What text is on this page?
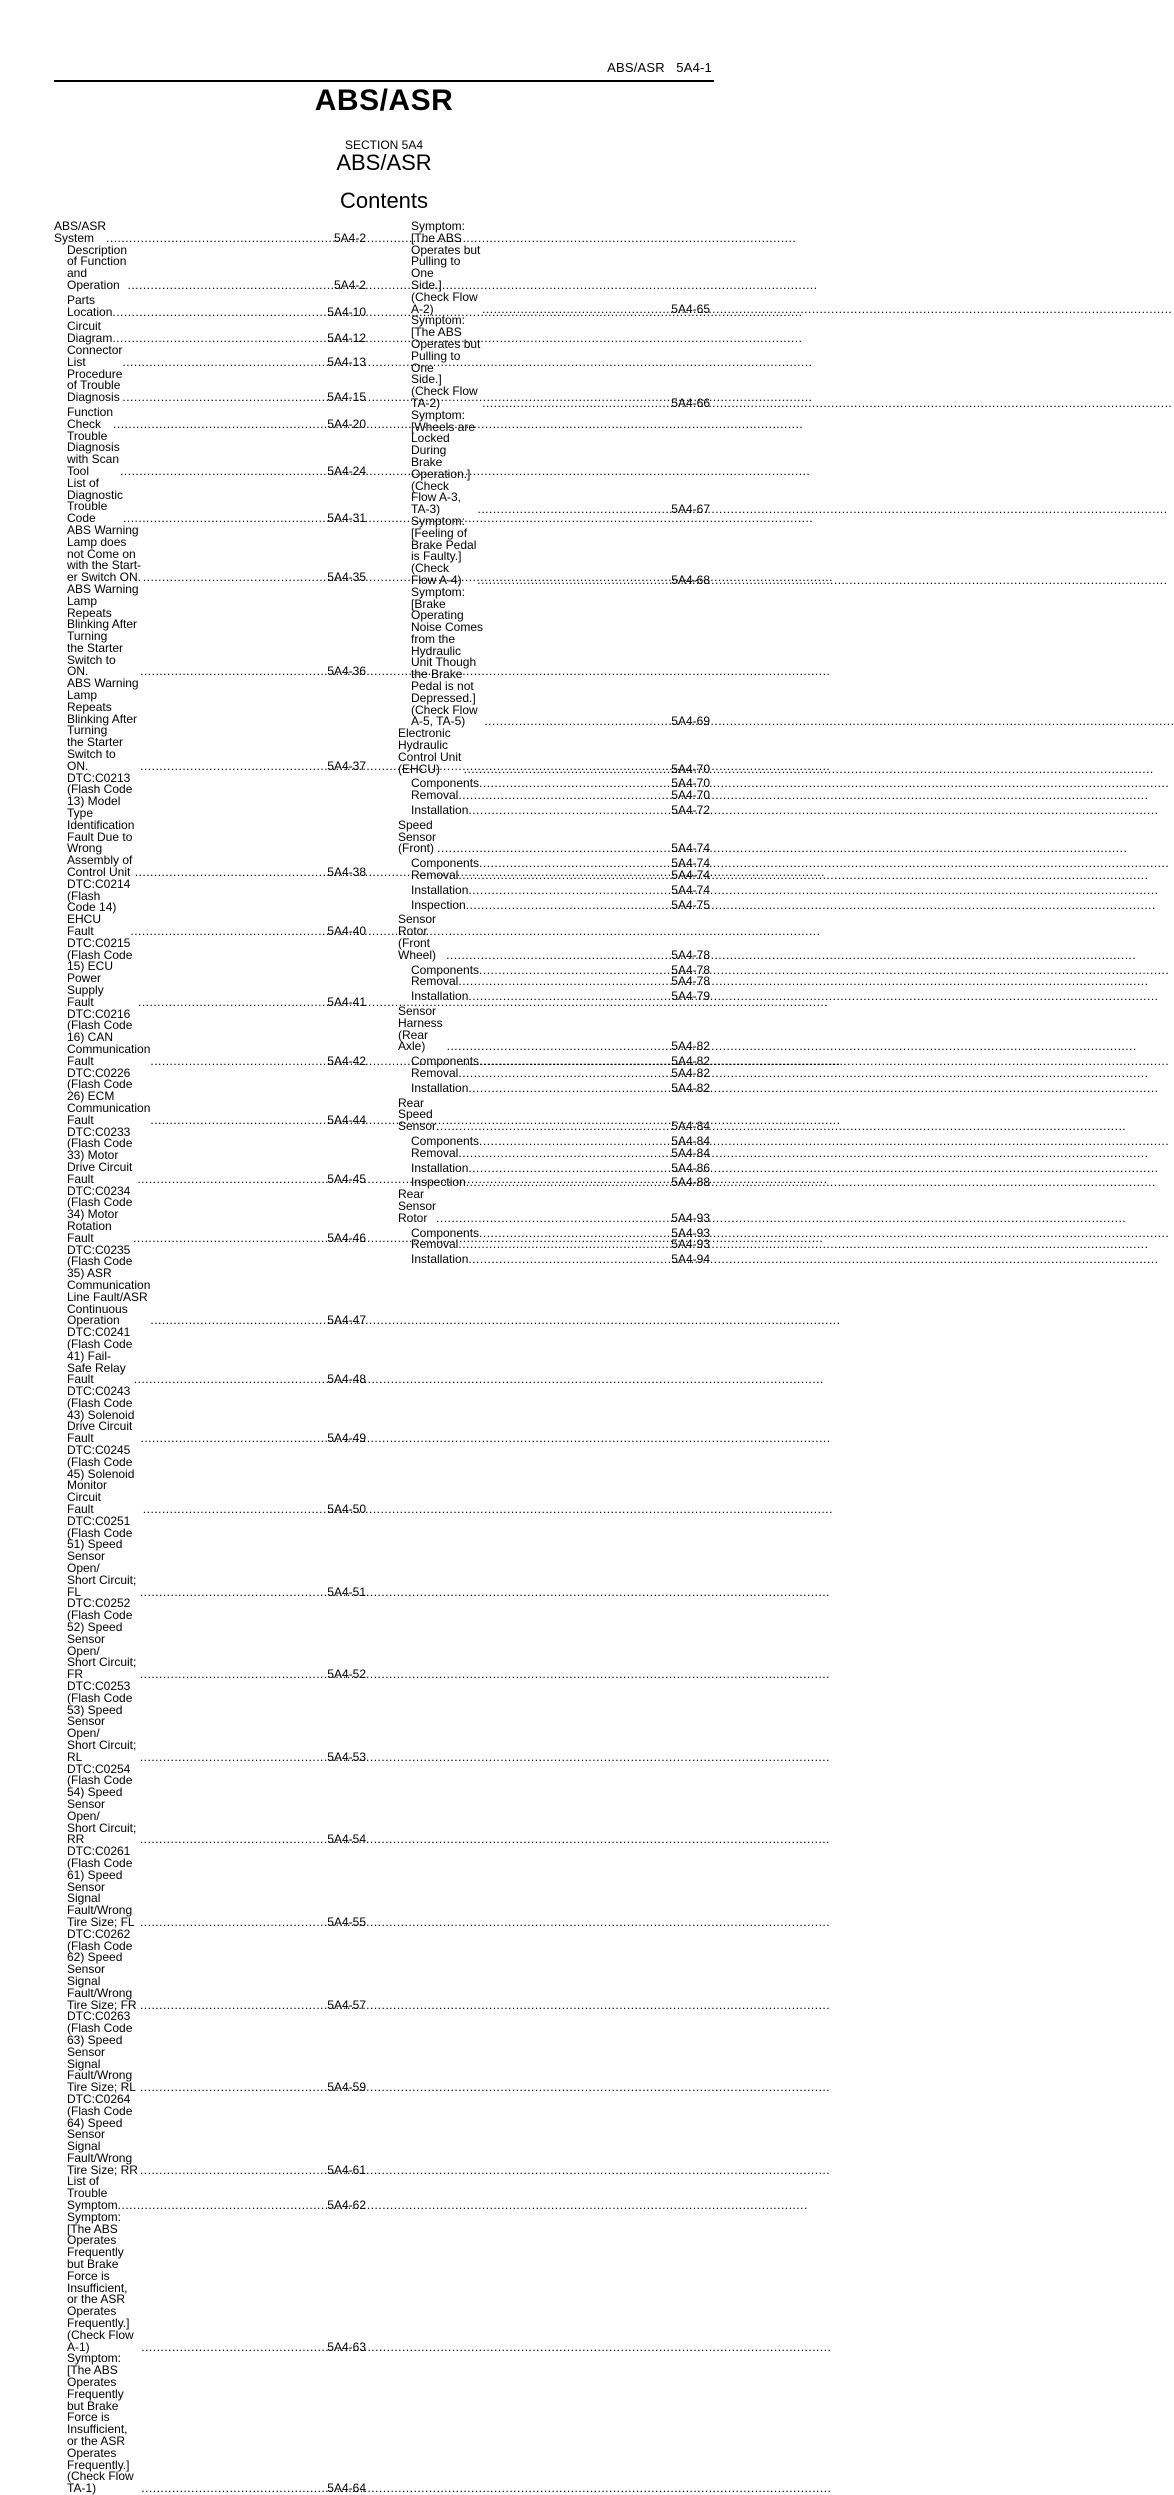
ABS/ASR 5A4-1
ABS/ASR
SECTION 5A4
ABS/ASR
Contents
ABS/ASR System .....	5A4-2
Description of Function and Operation .....	5A4-2
Parts Location .....	5A4-10
Circuit Diagram .....	5A4-12
Connector List .....	5A4-13
Procedure of Trouble Diagnosis .....	5A4-15
Function Check .....	5A4-20
Trouble Diagnosis with Scan Tool .....	5A4-24
List of Diagnostic Trouble Code .....	5A4-31
ABS Warning Lamp does not Come on with the Start-
er Switch ON. .....	5A4-35
ABS Warning Lamp Repeats Blinking After Turning
the Starter Switch to ON. .....	5A4-36
ABS Warning Lamp Repeats Blinking After Turning
the Starter Switch to ON. .....	5A4-37
DTC:C0213 (Flash Code 13) Model Type
Identification Fault Due to Wrong Assembly of
Control Unit .....	5A4-38
DTC:C0214 (Flash Code 14) EHCU Fault .....	5A4-40
DTC:C0215 (Flash Code 15) ECU Power Supply
Fault .....	5A4-41
DTC:C0216 (Flash Code 16) CAN Communication
Fault .....	5A4-42
DTC:C0226 (Flash Code 26) ECM Communication
Fault .....	5A4-44
DTC:C0233 (Flash Code 33) Motor Drive Circuit
Fault .....	5A4-45
DTC:C0234 (Flash Code 34) Motor Rotation
Fault .....	5A4-46
DTC:C0235 (Flash Code 35) ASR Communication
Line Fault/ASR Continuous Operation .....	5A4-47
DTC:C0241 (Flash Code 41) Fail-Safe Relay
Fault .....	5A4-48
DTC:C0243 (Flash Code 43) Solenoid Drive Circuit
Fault .....	5A4-49
DTC:C0245 (Flash Code 45) Solenoid Monitor Circuit
Fault .....	5A4-50
DTC:C0251 (Flash Code 51) Speed Sensor Open/
Short Circuit; FL .....	5A4-51
DTC:C0252 (Flash Code 52) Speed Sensor Open/
Short Circuit; FR .....	5A4-52
DTC:C0253 (Flash Code 53) Speed Sensor Open/
Short Circuit; RL .....	5A4-53
DTC:C0254 (Flash Code 54) Speed Sensor Open/
Short Circuit; RR .....	5A4-54
DTC:C0261 (Flash Code 61) Speed Sensor Signal
Fault/Wrong Tire Size; FL .....	5A4-55
DTC:C0262 (Flash Code 62) Speed Sensor Signal
Fault/Wrong Tire Size; FR .....	5A4-57
DTC:C0263 (Flash Code 63) Speed Sensor Signal
Fault/Wrong Tire Size; RL .....	5A4-59
DTC:C0264 (Flash Code 64) Speed Sensor Signal
Fault/Wrong Tire Size; RR .....	5A4-61
List of Trouble Symptom .....	5A4-62
Symptom: [The ABS Operates Frequently but Brake
Force is Insufficient, or the ASR Operates
Frequently.] (Check Flow A-1) .....	5A4-63
Symptom: [The ABS Operates Frequently but Brake
Force is Insufficient, or the ASR Operates
Frequently.] (Check Flow TA-1) .....	5A4-64
Symptom: [The ABS Operates but Pulling to One
Side.] (Check Flow A-2) .....	5A4-65
Symptom: [The ABS Operates but Pulling to One
Side.] (Check Flow TA-2) .....	5A4-66
Symptom: [Wheels are Locked During Brake
Operation.] (Check Flow A-3, TA-3) .....	5A4-67
Symptom: [Feeling of Brake Pedal is Faulty.]
(Check Flow A-4) .....	5A4-68
Symptom: [Brake Operating Noise Comes from the
Hydraulic Unit Though the Brake Pedal is not
Depressed.] (Check Flow A-5, TA-5) .....	5A4-69
Electronic Hydraulic Control Unit (EHCU) .....	5A4-70
Components .....	5A4-70
Removal .....	5A4-70
Installation .....	5A4-72
Speed Sensor (Front) .....	5A4-74
Components .....	5A4-74
Removal .....	5A4-74
Installation .....	5A4-74
Inspection .....	5A4-75
Sensor Rotor (Front Wheel) .....	5A4-78
Components .....	5A4-78
Removal .....	5A4-78
Installation .....	5A4-79
Sensor Harness (Rear Axle) .....	5A4-82
Components .....	5A4-82
Removal .....	5A4-82
Installation .....	5A4-82
Rear Speed Sensor .....	5A4-84
Components .....	5A4-84
Removal .....	5A4-84
Installation .....	5A4-86
Inspection .....	5A4-88
Rear Sensor Rotor .....	5A4-93
Components .....	5A4-93
Removal .....	5A4-93
Installation .....	5A4-94
